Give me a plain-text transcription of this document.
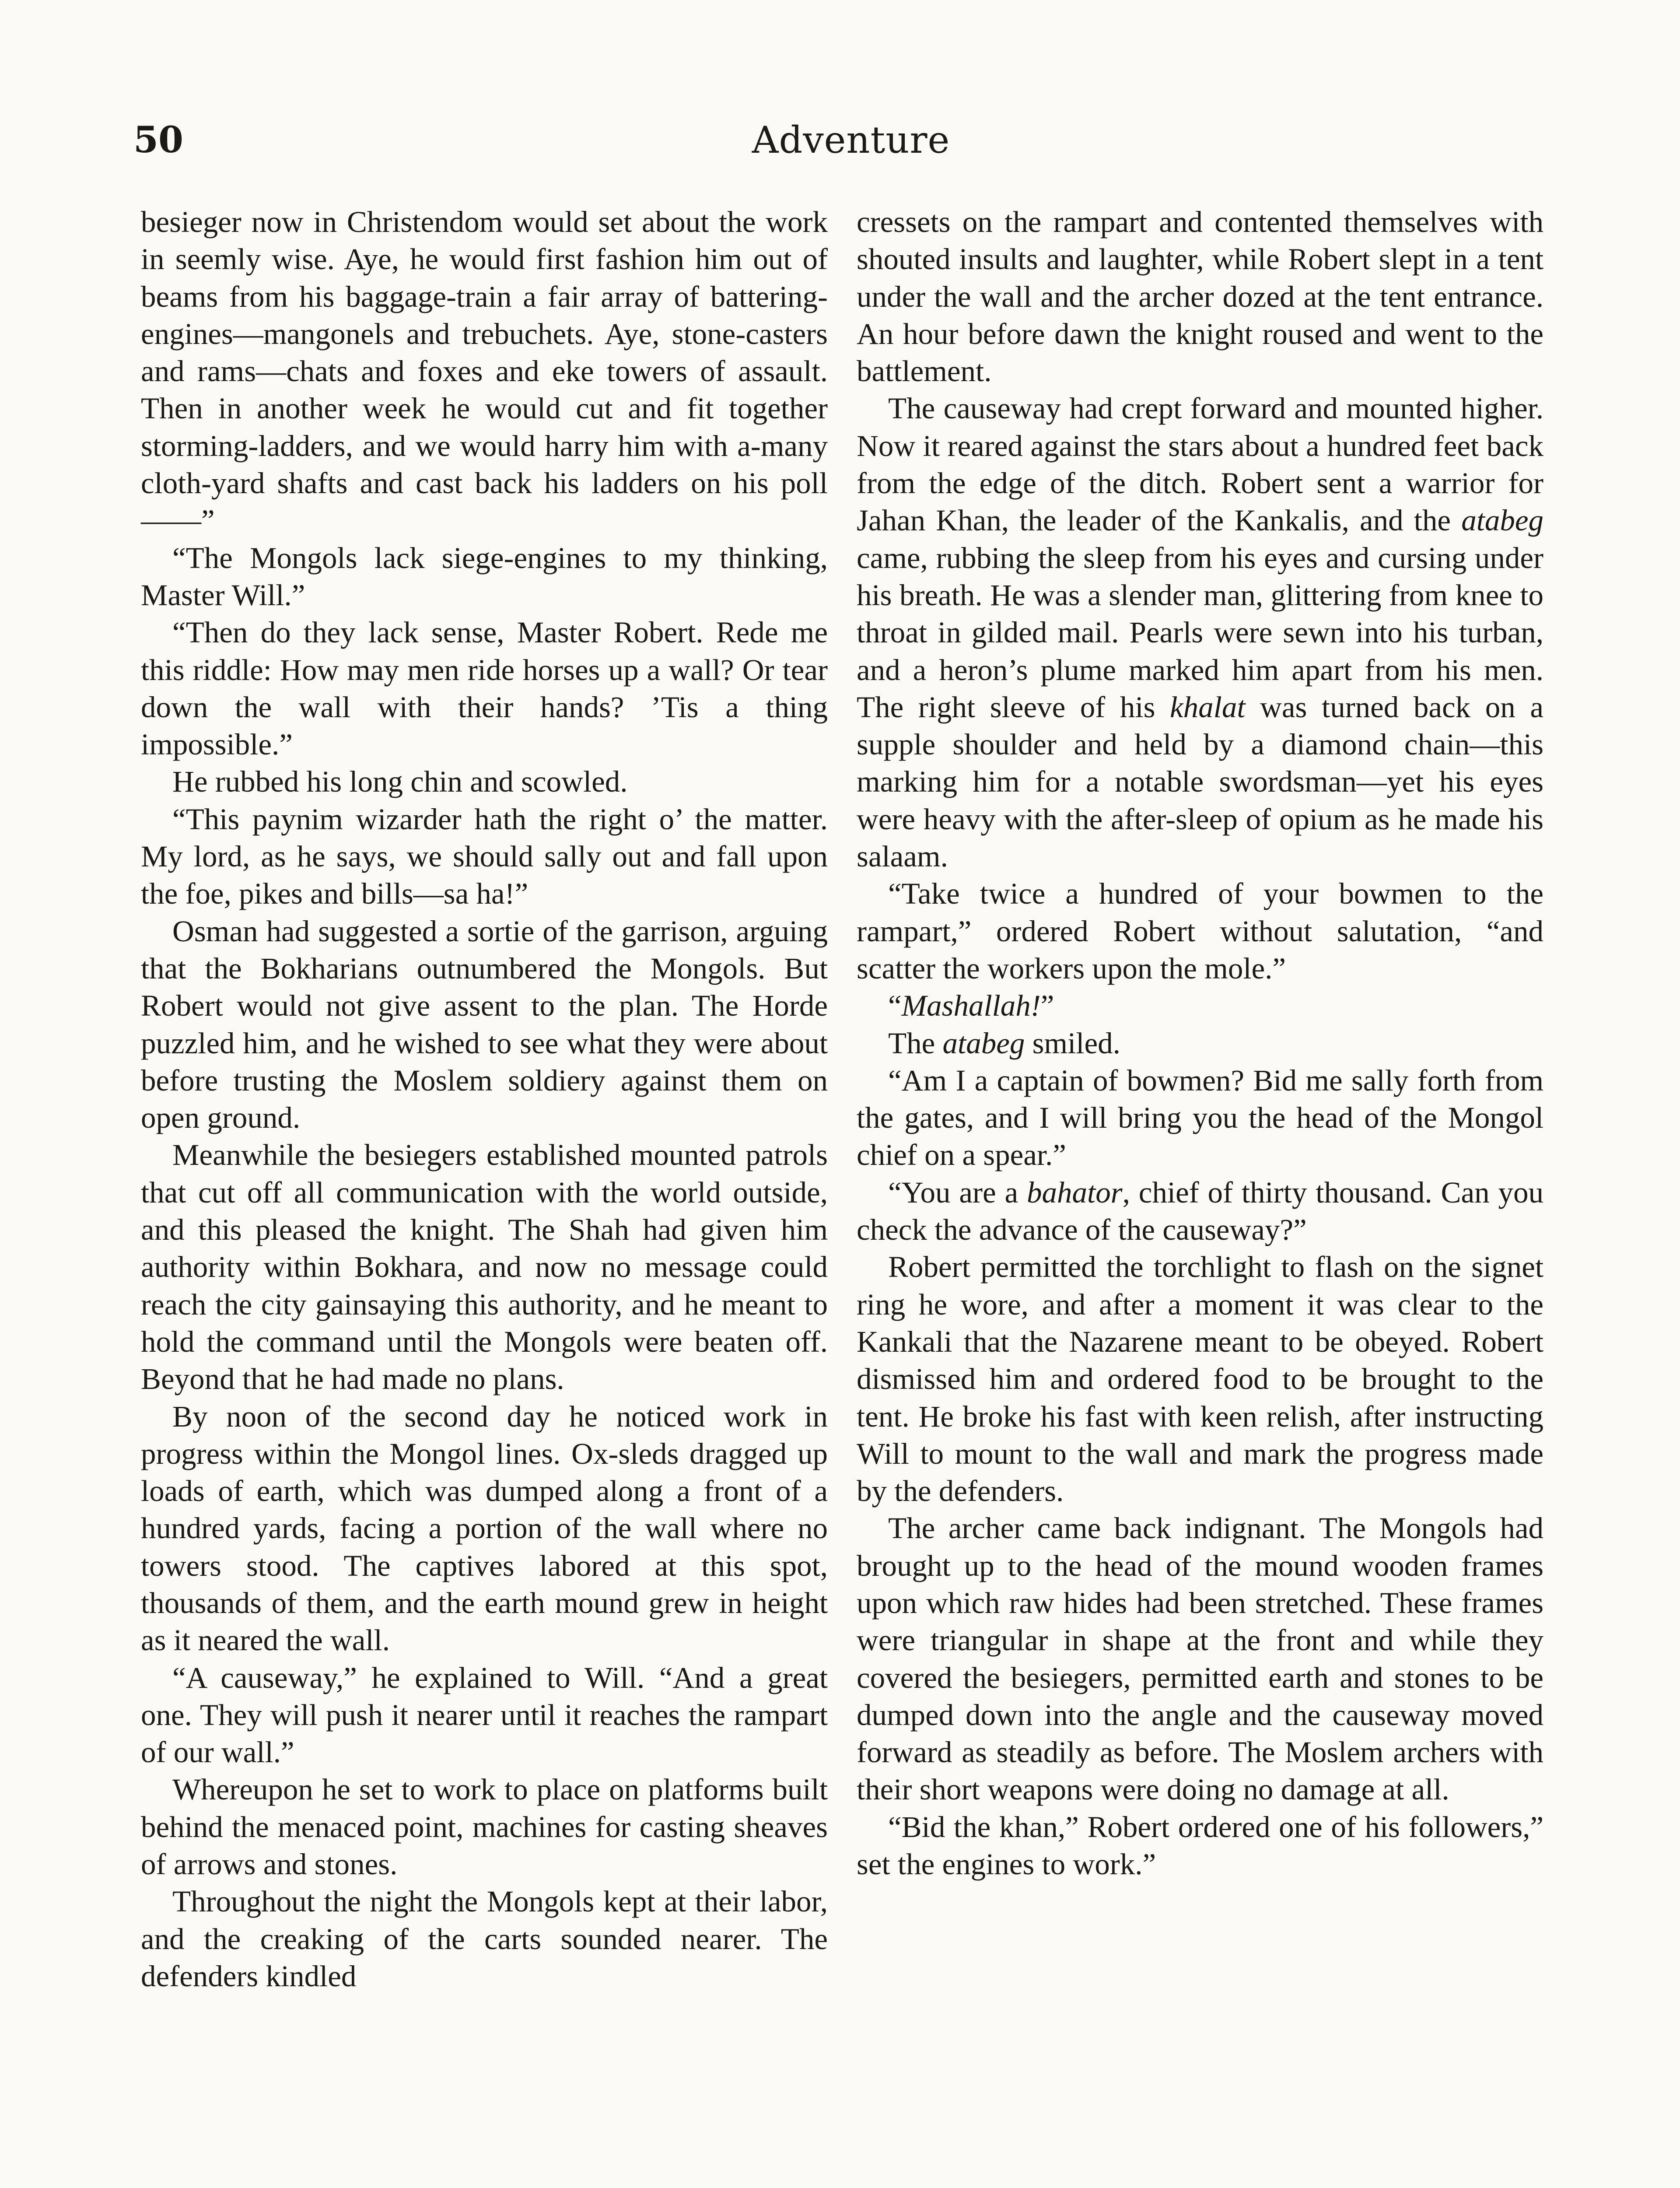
50	Adventure

besieger now in Christendom would set about the work in seemly wise. Aye, he would first fashion him out of beams from his baggage-train a fair array of battering-engines—mangonels and trebuchets. Aye, stone-casters and rams—chats and foxes and eke towers of assault. Then in another week he would cut and fit together storming-ladders, and we would harry him with a-many cloth-yard shafts and cast back his ladders on his poll——”

“The Mongols lack siege-engines to my thinking, Master Will.”

“Then do they lack sense, Master Robert. Rede me this riddle: How may men ride horses up a wall? Or tear down the wall with their hands? ’Tis a thing impossible.”

He rubbed his long chin and scowled.

“This paynim wizarder hath the right o’ the matter. My lord, as he says, we should sally out and fall upon the foe, pikes and bills—sa ha!”

Osman had suggested a sortie of the garrison, arguing that the Bokharians outnumbered the Mongols. But Robert would not give assent to the plan. The Horde puzzled him, and he wished to see what they were about before trusting the Moslem soldiery against them on open ground.

Meanwhile the besiegers established mounted patrols that cut off all communication with the world outside, and this pleased the knight. The Shah had given him authority within Bokhara, and now no message could reach the city gainsaying this authority, and he meant to hold the command until the Mongols were beaten off. Beyond that he had made no plans.

By noon of the second day he noticed work in progress within the Mongol lines. Ox-sleds dragged up loads of earth, which was dumped along a front of a hundred yards, facing a portion of the wall where no towers stood. The captives labored at this spot, thousands of them, and the earth mound grew in height as it neared the wall.

“A causeway,” he explained to Will. “And a great one. They will push it nearer until it reaches the rampart of our wall.”

Whereupon he set to work to place on platforms built behind the menaced point, machines for casting sheaves of arrows and stones.

Throughout the night the Mongols kept at their labor, and the creaking of the carts sounded nearer. The defenders kindled

cressets on the rampart and contented themselves with shouted insults and laughter, while Robert slept in a tent under the wall and the archer dozed at the tent entrance. An hour before dawn the knight roused and went to the battlement.

The causeway had crept forward and mounted higher. Now it reared against the stars about a hundred feet back from the edge of the ditch. Robert sent a warrior for Jahan Khan, the leader of the Kankalis, and the atabeg came, rubbing the sleep from his eyes and cursing under his breath. He was a slender man, glittering from knee to throat in gilded mail. Pearls were sewn into his turban, and a heron’s plume marked him apart from his men. The right sleeve of his khalat was turned back on a supple shoulder and held by a diamond chain—this marking him for a notable swordsman—yet his eyes were heavy with the after-sleep of opium as he made his salaam.

“Take twice a hundred of your bowmen to the rampart,” ordered Robert without salutation, “and scatter the workers upon the mole.”

“Mashallah!”

The atabeg smiled.

“Am I a captain of bowmen? Bid me sally forth from the gates, and I will bring you the head of the Mongol chief on a spear.”

“You are a bahator, chief of thirty thousand. Can you check the advance of the causeway?”

Robert permitted the torchlight to flash on the signet ring he wore, and after a moment it was clear to the Kankali that the Nazarene meant to be obeyed. Robert dismissed him and ordered food to be brought to the tent. He broke his fast with keen relish, after instructing Will to mount to the wall and mark the progress made by the defenders.

The archer came back indignant. The Mongols had brought up to the head of the mound wooden frames upon which raw hides had been stretched. These frames were triangular in shape at the front and while they covered the besiegers, permitted earth and stones to be dumped down into the angle and the causeway moved forward as steadily as before. The Moslem archers with their short weapons were doing no damage at all.

“Bid the khan,” Robert ordered one of his followers,” set the engines to work.”
